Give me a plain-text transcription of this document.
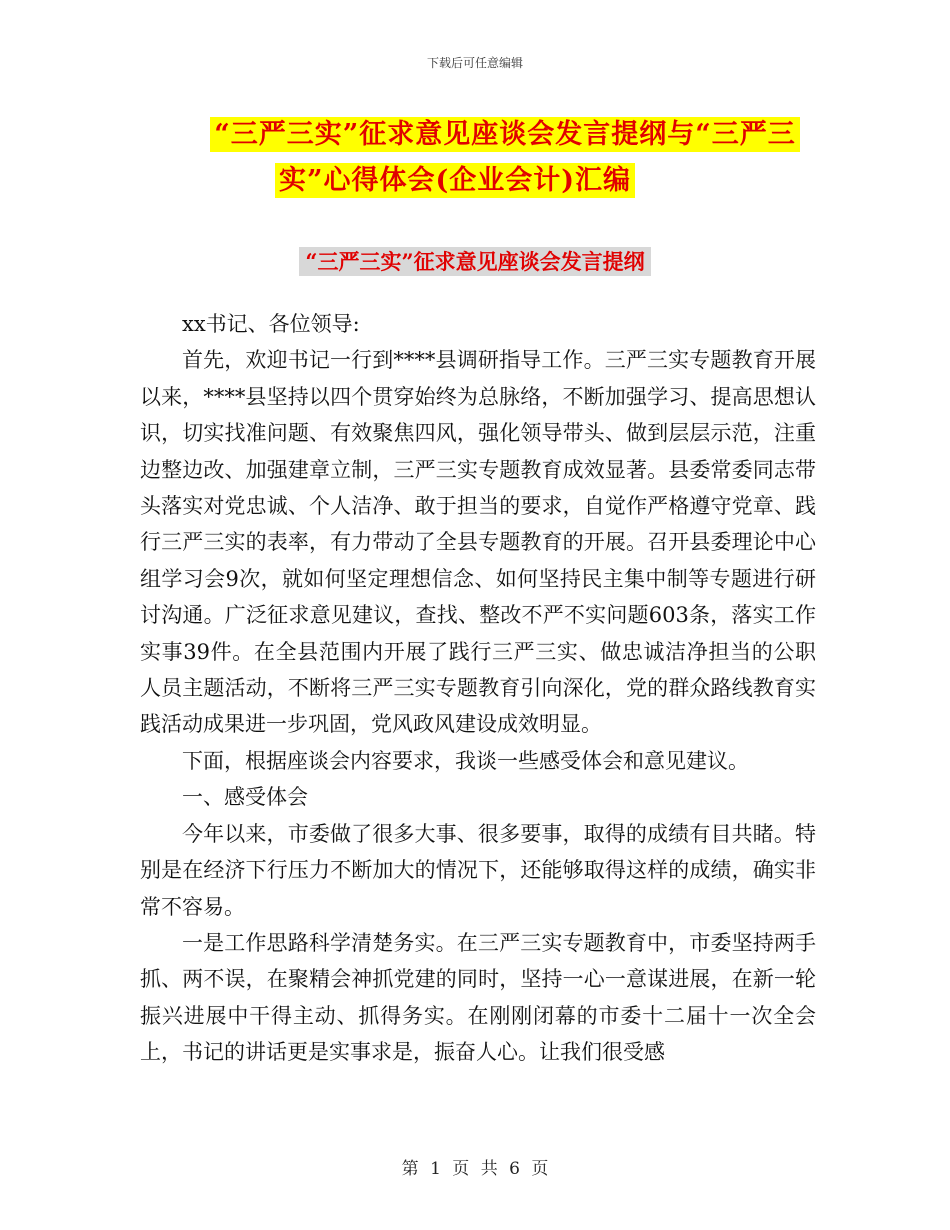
下载后可任意编辑
“三严三实”征求意见座谈会发言提纲与“三严三
实”心得体会(企业会计)汇编
“三严三实”征求意见座谈会发言提纲

xx书记、各位领导:

首先，欢迎书记一行到****县调研指导工作。三严三实专题教育开展以来，****县坚持以四个贯穿始终为总脉络，不断加强学习、提高思想认识，切实找准问题、有效聚焦四风，强化领导带头、做到层层示范，注重边整边改、加强建章立制，三严三实专题教育成效显著。县委常委同志带头落实对党忠诚、个人洁净、敢于担当的要求，自觉作严格遵守党章、践行三严三实的表率，有力带动了全县专题教育的开展。召开县委理论中心组学习会9次，就如何坚定理想信念、如何坚持民主集中制等专题进行研讨沟通。广泛征求意见建议，查找、整改不严不实问题603条，落实工作实事39件。在全县范围内开展了践行三严三实、做忠诚洁净担当的公职人员主题活动，不断将三严三实专题教育引向深化，党的群众路线教育实践活动成果进一步巩固，党风政风建设成效明显。

下面，根据座谈会内容要求，我谈一些感受体会和意见建议。

一、感受体会

今年以来，市委做了很多大事、很多要事，取得的成绩有目共睹。特别是在经济下行压力不断加大的情况下，还能够取得这样的成绩，确实非常不容易。

一是工作思路科学清楚务实。在三严三实专题教育中，市委坚持两手抓、两不误，在聚精会神抓党建的同时，坚持一心一意谋进展，在新一轮振兴进展中干得主动、抓得务实。在刚刚闭幕的市委十二届十一次全会上，书记的讲话更是实事求是，振奋人心。让我们很受感

第 1 页 共 6 页
